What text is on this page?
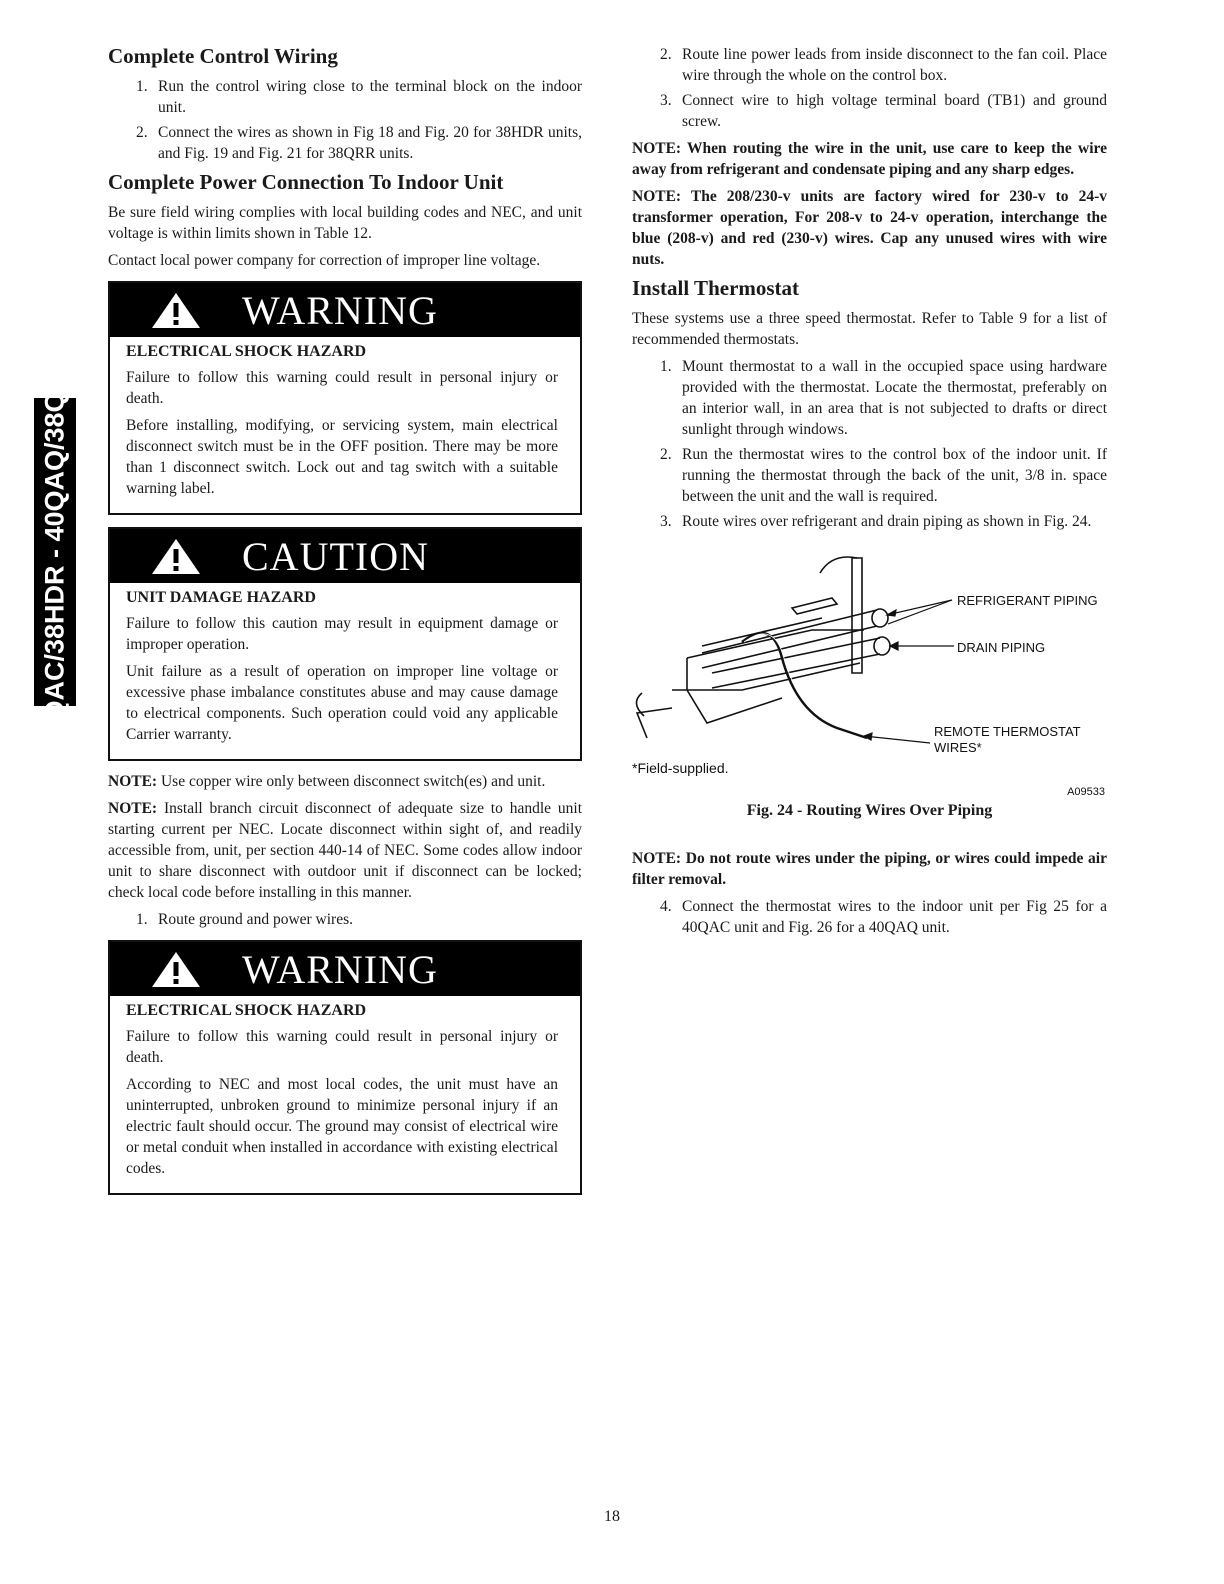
40QAC/38HDR - 40QAQ/38QRR
Complete Control Wiring
1. Run the control wiring close to the terminal block on the indoor unit.
2. Connect the wires as shown in Fig 18 and Fig. 20 for 38HDR units, and Fig. 19 and Fig. 21 for 38QRR units.
Complete Power Connection To Indoor Unit

Be sure field wiring complies with local building codes and NEC, and unit voltage is within limits shown in Table 12.

Contact local power company for correction of improper line voltage.

WARNING
ELECTRICAL SHOCK HAZARD

Failure to follow this warning could result in personal injury or death.

Before installing, modifying, or servicing system, main electrical disconnect switch must be in the OFF position. There may be more than 1 disconnect switch. Lock out and tag switch with a suitable warning label.

CAUTION
UNIT DAMAGE HAZARD

Failure to follow this caution may result in equipment damage or improper operation.

Unit failure as a result of operation on improper line voltage or excessive phase imbalance constitutes abuse and may cause damage to electrical components. Such operation could void any applicable Carrier warranty.

NOTE: Use copper wire only between disconnect switch(es) and unit.

NOTE: Install branch circuit disconnect of adequate size to handle unit starting current per NEC. Locate disconnect within sight of, and readily accessible from, unit, per section 440-14 of NEC. Some codes allow indoor unit to share disconnect with outdoor unit if disconnect can be locked; check local code before installing in this manner.

1. Route ground and power wires.
WARNING
ELECTRICAL SHOCK HAZARD

Failure to follow this warning could result in personal injury or death.

According to NEC and most local codes, the unit must have an uninterrupted, unbroken ground to minimize personal injury if an electric fault should occur. The ground may consist of electrical wire or metal conduit when installed in accordance with existing electrical codes.

2. Route line power leads from inside disconnect to the fan coil. Place wire through the whole on the control box.
3. Connect wire to high voltage terminal board (TB1) and ground screw.

NOTE: When routing the wire in the unit, use care to keep the wire away from refrigerant and condensate piping and any sharp edges.

NOTE: The 208/230-v units are factory wired for 230-v to 24-v transformer operation, For 208-v to 24-v operation, interchange the blue (208-v) and red (230-v) wires. Cap any unused wires with wire nuts.

Install Thermostat

These systems use a three speed thermostat. Refer to Table 9 for a list of recommended thermostats.

1. Mount thermostat to a wall in the occupied space using hardware provided with the thermostat. Locate the thermostat, preferably on an interior wall, in an area that is not subjected to drafts or direct sunlight through windows.
2. Run the thermostat wires to the control box of the indoor unit. If running the thermostat through the back of the unit, 3/8 in. space between the unit and the wall is required.
3. Route wires over refrigerant and drain piping as shown in Fig. 24.
REFRIGERANT PIPING
DRAIN PIPING
REMOTE THERMOSTAT
WIRES*
*Field-supplied.
A09533
Fig. 24 - Routing Wires Over Piping

NOTE: Do not route wires under the piping, or wires could impede air filter removal.

4. Connect the thermostat wires to the indoor unit per Fig 25 for a 40QAC unit and Fig. 26 for a 40QAQ unit.
18
